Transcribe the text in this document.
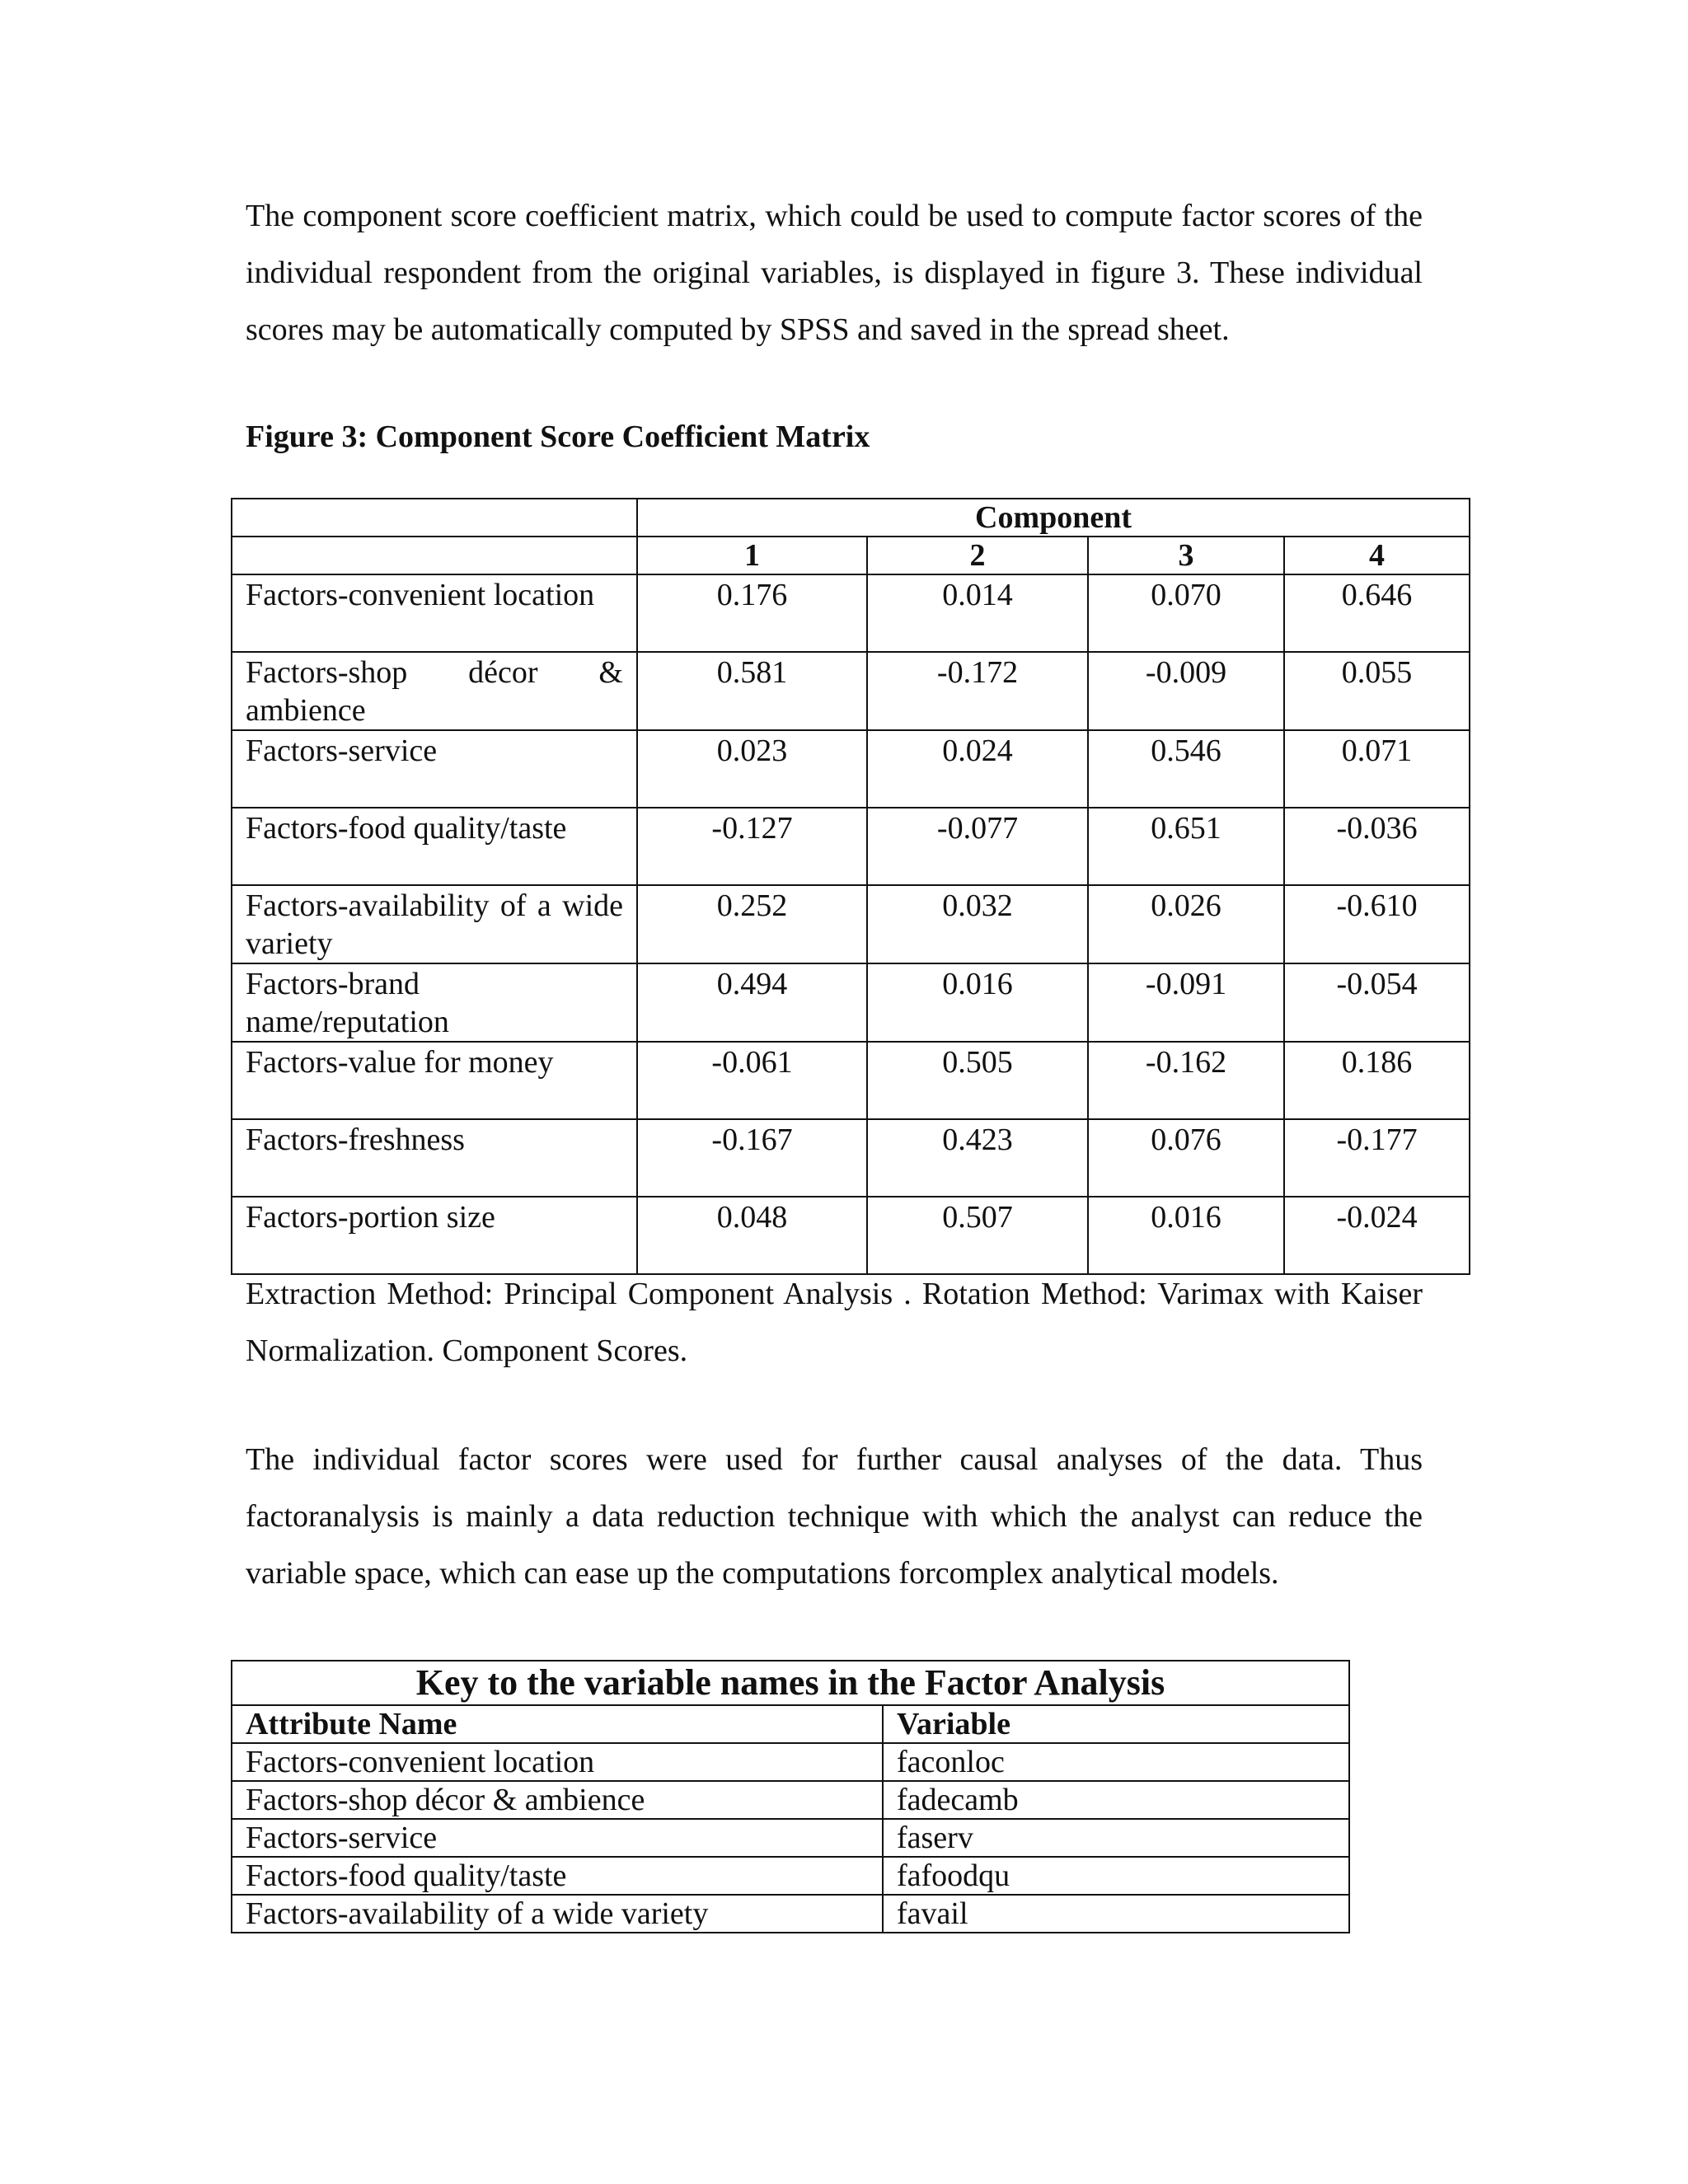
The component score coefficient matrix, which could be used to compute factor scores of the individual respondent from the original variables, is displayed in figure 3. These individual scores may be automatically computed by SPSS and saved in the spread sheet.

Figure 3: Component Score Coefficient Matrix

	Component			
	1	2	3	4
Factors-convenient location	0.176	0.014	0.070	0.646
Factors-shop décor & ambience	0.581	-0.172	-0.009	0.055
Factors-service	0.023	0.024	0.546	0.071
Factors-food quality/taste	-0.127	-0.077	0.651	-0.036
Factors-availability of a wide variety	0.252	0.032	0.026	-0.610
Factors-brand name/reputation	0.494	0.016	-0.091	-0.054
Factors-value for money	-0.061	0.505	-0.162	0.186
Factors-freshness	-0.167	0.423	0.076	-0.177
Factors-portion size	0.048	0.507	0.016	-0.024

Extraction Method: Principal Component Analysis . Rotation Method: Varimax with Kaiser Normalization. Component Scores.

The individual factor scores were used for further causal analyses of the data. Thus factoranalysis is mainly a data reduction technique with which the analyst can reduce the variable space, which can ease up the computations forcomplex analytical models.

Key to the variable names in the Factor Analysis	
Attribute Name	Variable
Factors-convenient location	faconloc
Factors-shop décor & ambience	fadecamb
Factors-service	faserv
Factors-food quality/taste	fafoodqu
Factors-availability of a wide variety	favail
